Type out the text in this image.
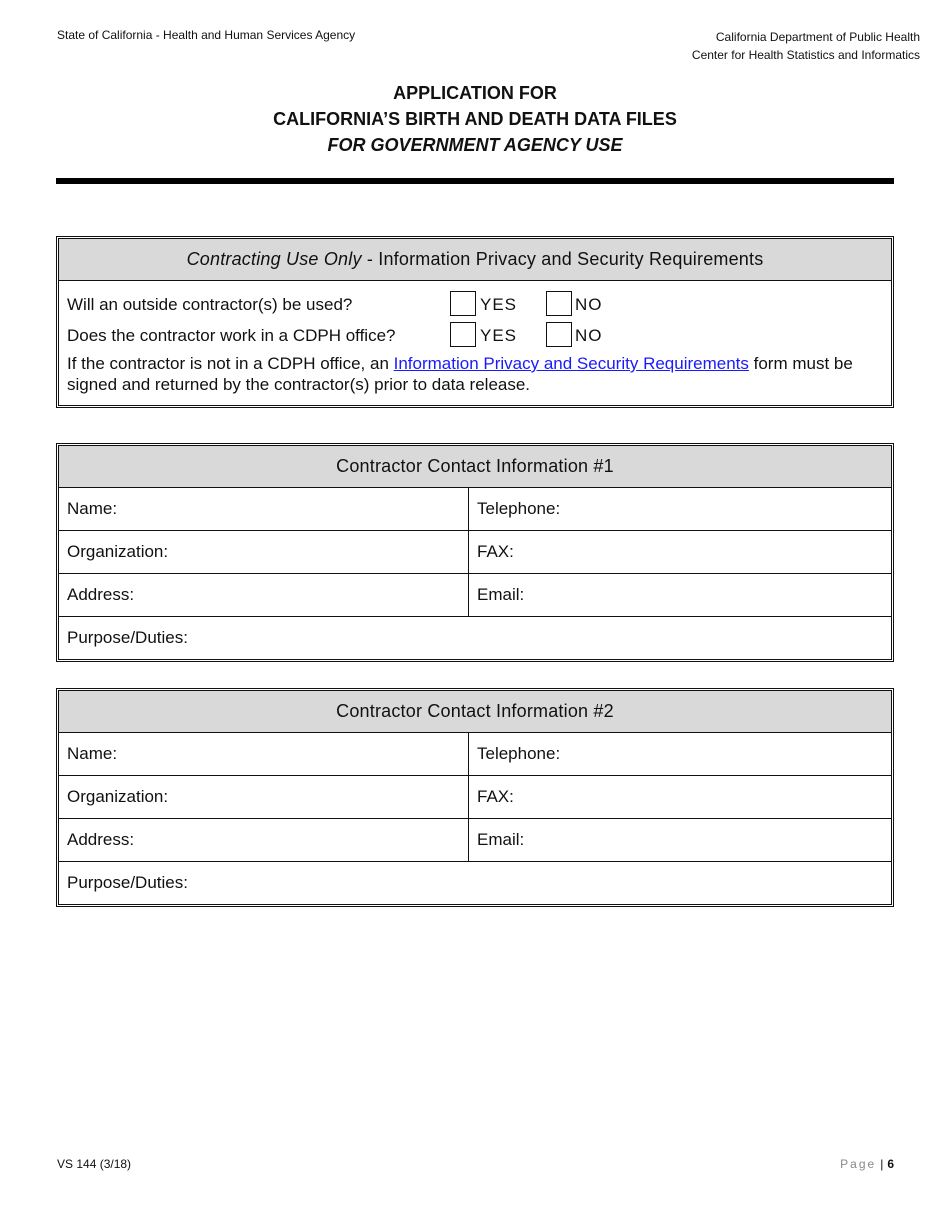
State of California - Health and Human Services Agency	California Department of Public Health
Center for Health Statistics and Informatics
APPLICATION FOR
CALIFORNIA’S BIRTH AND DEATH DATA FILES
FOR GOVERNMENT AGENCY USE
Contracting Use Only - Information Privacy and Security Requirements
Will an outside contractor(s) be used?	YES	NO
Does the contractor work in a CDPH office?	YES	NO
If the contractor is not in a CDPH office, an Information Privacy and Security Requirements form must be signed and returned by the contractor(s) prior to data release.
Contractor Contact Information #1
Name:	Telephone:
Organization:	FAX:
Address:	Email:
Purpose/Duties:
Contractor Contact Information #2
Name:	Telephone:
Organization:	FAX:
Address:	Email:
Purpose/Duties:
VS 144 (3/18)	Page | 6
